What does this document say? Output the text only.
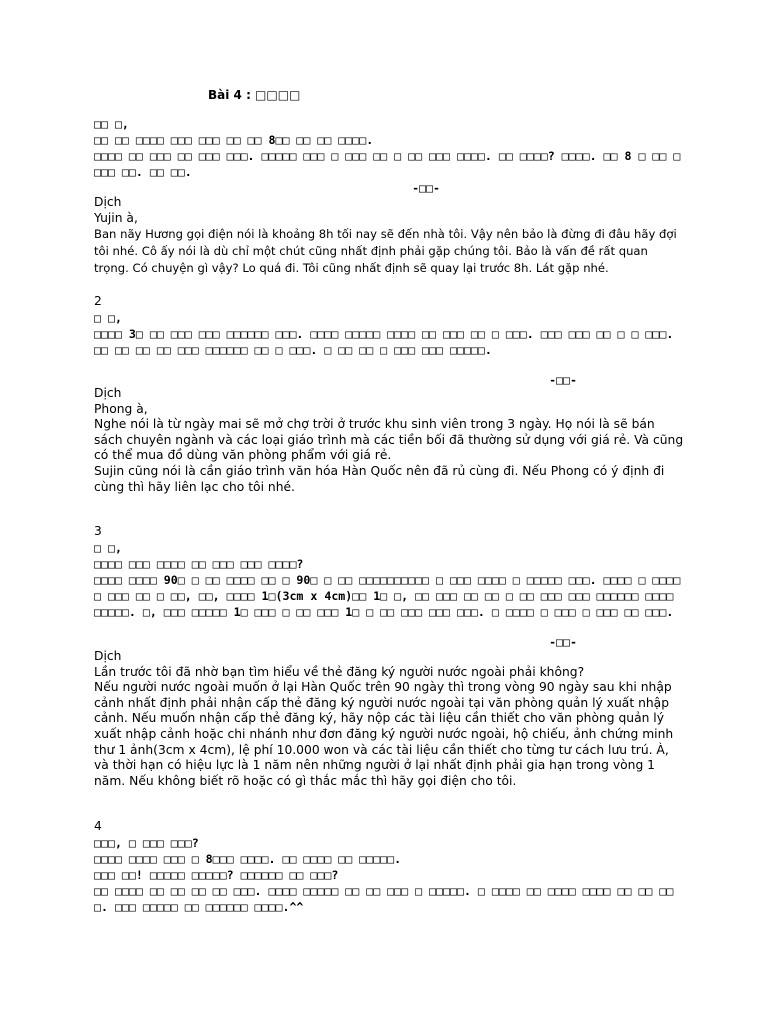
Bài 4 : □□□□

□□ □,

□□ □□ □□□□ □□□ □□□ □□ □□ 8□□ □□ □□ □□□□.

□□□□ □□ □□□ □□ □□□ □□□. □□□□□ □□□ □ □□□ □□ □ □□ □□□ □□□□. □□ □□□□? □□□□. □□ 8 □ □□ □ □□□ □□. □□ □□.

-□□-

Dịch

Yujin à,

Ban nãy Hương gọi điện nói là khoảng 8h tối nay sẽ đến nhà tôi. Vậy nên bảo là đừng đi đâu hãy đợi tôi nhé. Cô ấy nói là dù chỉ một chút cũng nhất định phải gặp chúng tôi. Bảo là vấn đề rất quan trọng. Có chuyện gì vậy? Lo quá đi. Tôi cũng nhất định sẽ quay lại trước 8h. Lát gặp nhé.

2

□ □,

□□□□ 3□ □□ □□□ □□□ □□□□□□ □□□. □□□□ □□□□□ □□□□ □□ □□□ □□ □ □□□. □□□ □□□ □□ □ □ □□□.

□□ □□ □□ □□ □□□ □□□□□□ □□ □ □□□. □ □□ □□ □ □□□ □□□ □□□□□.

-□□-

Dịch

Phong à,

Nghe nói là từ ngày mai sẽ mở chợ trời ở trước khu sinh viên trong 3 ngày. Họ nói là sẽ bán sách chuyên ngành và các loại giáo trình mà các tiền bối đã thường sử dụng với giá rẻ. Và cũng có thể mua đồ dùng văn phòng phẩm với giá rẻ.

Sujin cũng nói là cần giáo trình văn hóa Hàn Quốc nên đã rủ cùng đi. Nếu Phong có ý định đi cùng thì hãy liên lạc cho tôi nhé.

3

□ □,

□□□□ □□□ □□□□ □□ □□□ □□□ □□□□?

□□□□ □□□□ 90□ □ □□ □□□□ □□ □ 90□ □ □□ □□□□□□□□□□ □ □□□ □□□□ □ □□□□□ □□□. □□□□ □ □□□□□ □□□ □□ □ □□, □□, □□□□ 1□(3cm x 4cm)□□ 1□ □, □□ □□□ □□ □□ □ □□ □□□ □□□ □□□□□□ □□□□ □□□□□. □, □□□ □□□□□ 1□ □□□ □ □□ □□□ 1□ □ □□ □□□ □□□ □□□. □ □□□□ □ □□□ □ □□□ □□ □□□.

-□□-

Dịch

Lần trước tôi đã nhờ bạn tìm hiểu về thẻ đăng ký người nước ngoài phải không?

Nếu người nước ngoài muốn ở lại Hàn Quốc trên 90 ngày thì trong vòng 90 ngày sau khi nhập cảnh nhất định phải nhận cấp thẻ đăng ký người nước ngoài tại văn phòng quản lý xuất nhập cảnh. Nếu muốn nhận cấp thẻ đăng ký, hãy nộp các tài liệu cần thiết cho văn phòng quản lý xuất nhập cảnh hoặc chi nhánh như đơn đăng ký người nước ngoài, hộ chiếu, ảnh chứng minh thư 1 ảnh(3cm x 4cm), lệ phí 10.000 won và các tài liệu cần thiết cho từng tư cách lưu trú. À, và thời hạn có hiệu lực là 1 năm nên những người ở lại nhất định phải gia hạn trong vòng 1 năm. Nếu không biết rõ hoặc có gì thắc mắc thì hãy gọi điện cho tôi.

4

□□□, □ □□□ □□□?

□□□□ □□□□ □□□ □ 8□□□ □□□□. □□ □□□□ □□ □□□□□.

□□□ □□! □□□□□ □□□□□? □□□□□□ □□ □□□?

□□ □□□□ □□ □□ □□ □□ □□□. □□□□ □□□□□ □□ □□ □□□ □ □□□□□. □ □□□□ □□ □□□□ □□□□ □□ □□ □□□. □□□ □□□□□ □□ □□□□□□ □□□□.^^
